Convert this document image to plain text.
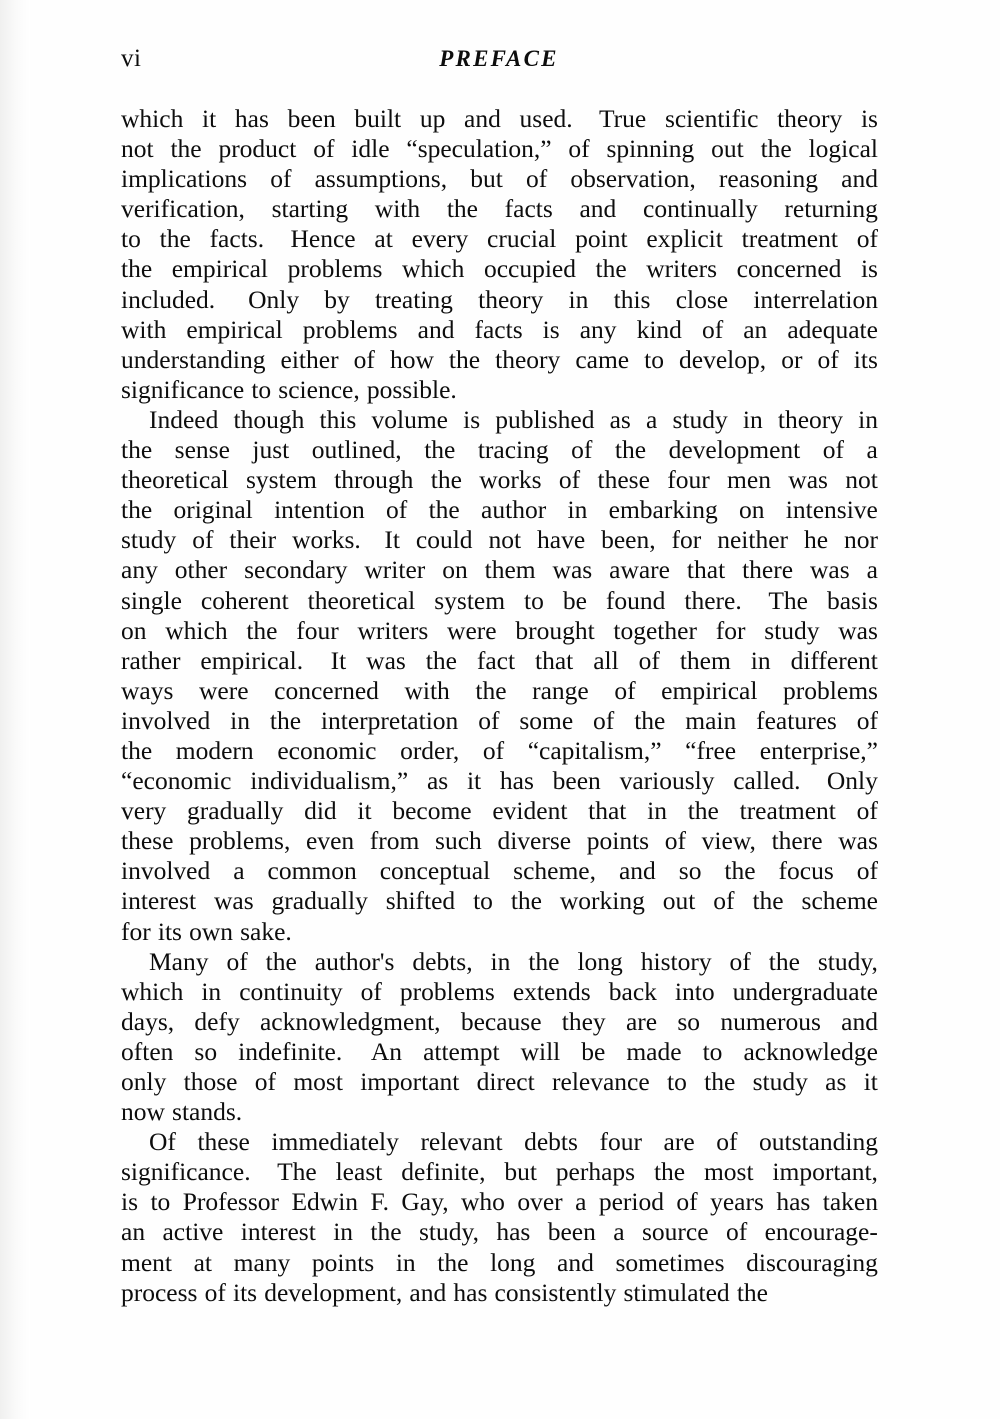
vi	PREFACE
which it has been built up and used. True scientific theory is
not the product of idle “speculation,” of spinning out the logical
implications of assumptions, but of observation, reasoning and
verification, starting with the facts and continually returning
to the facts. Hence at every crucial point explicit treatment of
the empirical problems which occupied the writers concerned is
included. Only by treating theory in this close interrelation
with empirical problems and facts is any kind of an adequate
understanding either of how the theory came to develop, or of its
significance to science, possible.
Indeed though this volume is published as a study in theory in
the sense just outlined, the tracing of the development of a
theoretical system through the works of these four men was not
the original intention of the author in embarking on intensive
study of their works. It could not have been, for neither he nor
any other secondary writer on them was aware that there was a
single coherent theoretical system to be found there. The basis
on which the four writers were brought together for study was
rather empirical. It was the fact that all of them in different
ways were concerned with the range of empirical problems
involved in the interpretation of some of the main features of
the modern economic order, of “capitalism,” “free enterprise,”
“economic individualism,” as it has been variously called. Only
very gradually did it become evident that in the treatment of
these problems, even from such diverse points of view, there was
involved a common conceptual scheme, and so the focus of
interest was gradually shifted to the working out of the scheme
for its own sake.
Many of the author's debts, in the long history of the study,
which in continuity of problems extends back into undergraduate
days, defy acknowledgment, because they are so numerous and
often so indefinite. An attempt will be made to acknowledge
only those of most important direct relevance to the study as it
now stands.
Of these immediately relevant debts four are of outstanding
significance. The least definite, but perhaps the most important,
is to Professor Edwin F. Gay, who over a period of years has taken
an active interest in the study, has been a source of encourage-
ment at many points in the long and sometimes discouraging
process of its development, and has consistently stimulated the
